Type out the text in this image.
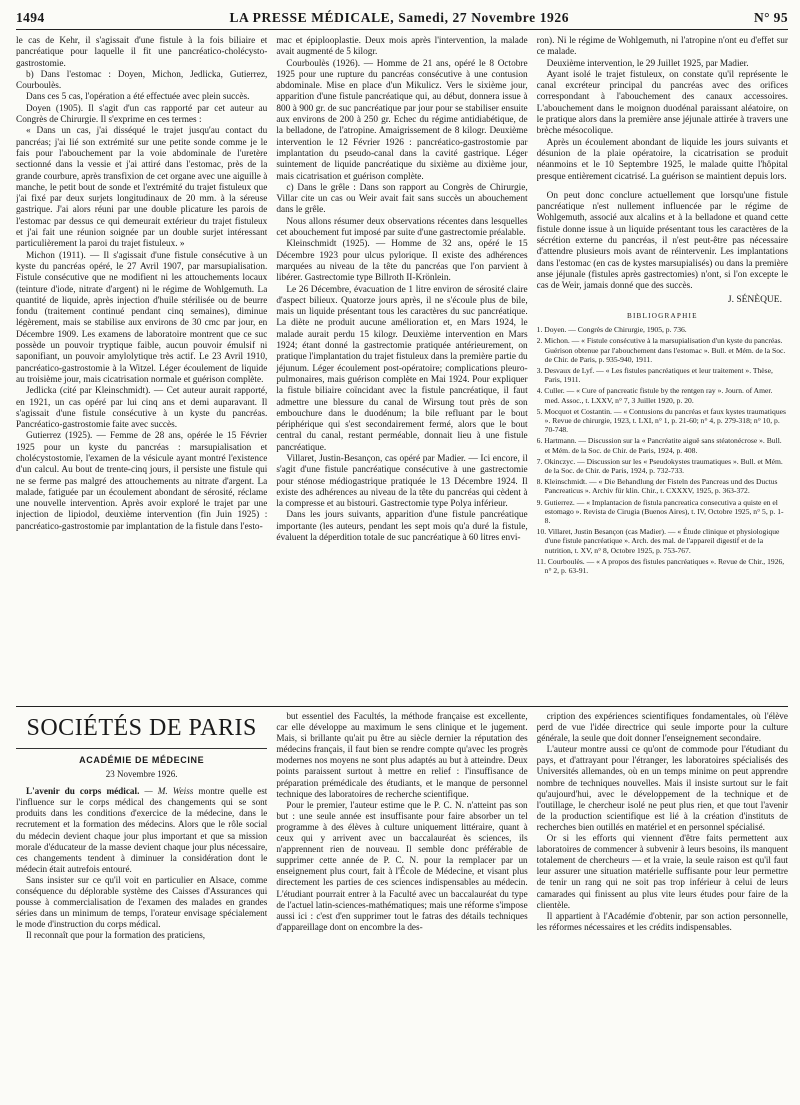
1494	LA PRESSE MÉDICALE, Samedi, 27 Novembre 1926	N° 95

le cas de Kehr, il s'agissait d'une fistule à la fois biliaire et pancréatique pour laquelle il fit une pancréatico-cholécysto-gastrostomie.

b) Dans l'estomac : Doyen, Michon, Jedlicka, Gutierrez, Courboulès.

Dans ces 5 cas, l'opération a été effectuée avec plein succès.

Doyen (1905). Il s'agit d'un cas rapporté par cet auteur au Congrès de Chirurgie. Il s'exprime en ces termes :

« Dans un cas, j'ai disséqué le trajet jusqu'au contact du pancréas; j'ai lié son extrémité sur une petite sonde comme je le fais pour l'abouchement par la voie abdominale de l'uretère sectionné dans la vessie et j'ai attiré dans l'estomac, près de la grande courbure, après transfixion de cet organe avec une aiguille à manche, le petit bout de sonde et l'extrémité du trajet fistuleux que j'ai fixé par deux surjets longitudinaux de 20 mm. à la séreuse gastrique. J'ai alors réuni par une double plicature les parois de l'estomac par dessus ce qui demeurait extérieur du trajet fistuleux et j'ai fait une réunion soignée par un double surjet intéressant particulièrement la paroi du trajet fistuleux. »

Michon (1911). — Il s'agissait d'une fistule consécutive à un kyste du pancréas opéré, le 27 Avril 1907, par marsupialisation. Fistule consécutive que ne modifient ni les attouchements locaux (teinture d'iode, nitrate d'argent) ni le régime de Wohlgemuth. La quantité de liquide, après injection d'huile stérilisée ou de beurre fondu (traitement continué pendant cinq semaines), diminue légèrement, mais se stabilise aux environs de 30 cmc par jour, en Décembre 1909. Les examens de laboratoire montrent que ce suc possède un pouvoir tryptique faible, aucun pouvoir émulsif ni saponifiant, un pouvoir amylolytique très actif. Le 23 Avril 1910, pancréatico-gastrostomie à la Witzel. Léger écoulement de liquide au troisième jour, mais cicatrisation normale et guérison complète.

Jedlicka (cité par Kleinschmidt). — Cet auteur aurait rapporté, en 1921, un cas opéré par lui cinq ans et demi auparavant. Il s'agissait d'une fistule consécutive à un kyste du pancréas. Pancréatico-gastrostomie faite avec succès.

Gutierrez (1925). — Femme de 28 ans, opérée le 15 Février 1925 pour un kyste du pancréas : marsupialisation et cholécystostomie, l'examen de la vésicule ayant montré l'existence d'un calcul. Au bout de trente-cinq jours, il persiste une fistule qui ne se ferme pas malgré des attouchements au nitrate d'argent. La malade, fatiguée par un écoulement abondant de sérosité, réclame une nouvelle intervention. Après avoir exploré le trajet par une injection de lipiodol, deuxième intervention (fin Juin 1925) : pancréatico-gastrostomie par implantation de la fistule dans l'esto-

mac et épiplooplastie. Deux mois après l'intervention, la malade avait augmenté de 5 kilogr.

Courboulès (1926). — Homme de 21 ans, opéré le 8 Octobre 1925 pour une rupture du pancréas consécutive à une contusion abdominale. Mise en place d'un Mikulicz. Vers le sixième jour, apparition d'une fistule pancréatique qui, au début, donnera issue à 800 à 900 gr. de suc pancréatique par jour pour se stabiliser ensuite aux environs de 200 à 250 gr. Echec du régime antidiabétique, de la belladone, de l'atropine. Amaigrissement de 8 kilogr. Deuxième intervention le 12 Février 1926 : pancréatico-gastrostomie par implantation du pseudo-canal dans la cavité gastrique. Léger suintement de liquide pancréatique du sixième au dixième jour, mais cicatrisation et guérison complète.

c) Dans le grêle : Dans son rapport au Congrès de Chirurgie, Villar cite un cas ou Weir avait fait sans succès un abouchement dans le grêle.

Nous allons résumer deux observations récentes dans lesquelles cet abouchement fut imposé par suite d'une gastrectomie préalable.

Kleinschmidt (1925). — Homme de 32 ans, opéré le 15 Décembre 1923 pour ulcus pylorique. Il existe des adhérences marquées au niveau de la tête du pancréas que l'on parvient à libérer. Gastrectomie type Billroth II-Krönlein.

Le 26 Décembre, évacuation de 1 litre environ de sérosité claire d'aspect bilieux. Quatorze jours après, il ne s'écoule plus de bile, mais un liquide présentant tous les caractères du suc pancréatique. La diète ne produit aucune amélioration et, en Mars 1924, le malade aurait perdu 15 kilogr. Deuxième intervention en Mars 1924; étant donné la gastrectomie pratiquée antérieurement, on pratique l'implantation du trajet fistuleux dans la première partie du jéjunum. Léger écoulement post-opératoire; complications pleuro-pulmonaires, mais guérison complète en Mai 1924. Pour expliquer la fistule biliaire coïncidant avec la fistule pancréatique, il faut admettre une blessure du canal de Wirsung tout près de son embouchure dans le duodénum; la bile refluant par le bout périphérique qui s'est secondairement fermé, alors que le bout central du canal, restant perméable, donnait lieu à une fistule pancréatique.

Villaret, Justin-Besançon, cas opéré par Madier. — Ici encore, il s'agit d'une fistule pancréatique consécutive à une gastrectomie pour sténose médiogastrique pratiquée le 13 Décembre 1924. Il existe des adhérences au niveau de la tête du pancréas qui cèdent à la compresse et au bistouri. Gastrectomie type Polya inférieur.

Dans les jours suivants, apparition d'une fistule pancréatique importante (les auteurs, pendant les sept mois qu'a duré la fistule, évaluent la déperdition totale de suc pancréatique à 60 litres envi-

ron). Ni le régime de Wohlgemuth, ni l'atropine n'ont eu d'effet sur ce malade.

Deuxième intervention, le 29 Juillet 1925, par Madier.

Ayant isolé le trajet fistuleux, on constate qu'il représente le canal excréteur principal du pancréas avec des orifices correspondant à l'abouchement des canaux accessoires. L'abouchement dans le moignon duodénal paraissant aléatoire, on le pratique alors dans la première anse jéjunale attirée à travers une brèche mésocolique.

Après un écoulement abondant de liquide les jours suivants et désunion de la plaie opératoire, la cicatrisation se produit néanmoins et le 10 Septembre 1925, le malade quitte l'hôpital presque entièrement cicatrisé. La guérison se maintient depuis lors.

On peut donc conclure actuellement que lorsqu'une fistule pancréatique n'est nullement influencée par le régime de Wohlgemuth, associé aux alcalins et à la belladone et quand cette fistule donne issue à un liquide présentant tous les caractères de la sécrétion externe du pancréas, il n'est peut-être pas nécessaire d'attendre plusieurs mois avant de réintervenir. Les implantations dans l'estomac (en cas de kystes marsupialisés) ou dans la première anse jéjunale (fistules après gastrectomies) n'ont, si l'on excepte le cas de Weir, jamais donné que des succès.

J. SÉNÈQUE.
BIBLIOGRAPHIE
1. Doyen. — Congrès de Chirurgie, 1905, p. 736.
2. Michon. — « Fistule consécutive à la marsupialisation d'un kyste du pancréas. Guérison obtenue par l'abouchement dans l'estomac ». Bull. et Mém. de la Soc. de Chir. de Paris, p. 935-940, 1911.
3. Desvaux de Lyf. — « Les fistules pancréatiques et leur traitement ». Thèse, Paris, 1911.
4. Culler. — « Cure of pancreatic fistule by the rentgen ray ». Journ. of Amer. med. Assoc., t. LXXV, n° 7, 3 Juillet 1920, p. 20.
5. Mocquot et Costantin. — « Contusions du pancréas et faux kystes traumatiques ». Revue de chirurgie, 1923, t. LXI, n° 1, p. 21-60; n° 4, p. 279-318; n° 10, p. 70-748.
6. Hartmann. — Discussion sur la « Pancréatite aiguë sans stéatonécrose ». Bull. et Mém. de la Soc. de Chir. de Paris, 1924, p. 408.
7. Okinczyc. — Discussion sur les « Pseudokystes traumatiques ». Bull. et Mém. de la Soc. de Chir. de Paris, 1924, p. 732-733.
8. Kleinschmidt. — « Die Behandlung der Fisteln des Pancreas und des Ductus Pancreaticus ». Archiv für klin. Chir., t. CXXXV, 1925, p. 363-372.
9. Gutierrez. — « Implantacion de fistula pancreatica consecutiva a quiste en el estomago ». Revista de Cirugia (Buenos Aires), t. IV, Octobre 1925, n° 5, p. 1-8.
10. Villaret, Justin Besançon (cas Madier). — « Étude clinique et physiologique d'une fistule pancréatique ». Arch. des mal. de l'appareil digestif et de la nutrition, t. XV, n° 8, Octobre 1925, p. 753-767.
11. Courboulès. — « A propos des fistules pancréatiques ». Revue de Chir., 1926, n° 2, p. 63-91.
SOCIÉTÉS DE PARIS
ACADÉMIE DE MÉDECINE
23 Novembre 1926.

L'avenir du corps médical. — M. Weiss montre quelle est l'influence sur le corps médical des changements qui se sont produits dans les conditions d'exercice de la médecine, dans le recrutement et la formation des médecins. Alors que le rôle social du médecin devient chaque jour plus important et que sa mission morale d'éducateur de la masse devient chaque jour plus nécessaire, ces changements tendent à diminuer la considération dont le médecin était autrefois entouré.

Sans insister sur ce qu'il voit en particulier en Alsace, comme conséquence du déplorable système des Caisses d'Assurances qui pousse à commercialisation de l'examen des malades en grandes séries dans un minimum de temps, l'orateur envisage spécialement le mode d'instruction du corps médical.

Il reconnaît que pour la formation des praticiens,

but essentiel des Facultés, la méthode française est excellente, car elle développe au maximum le sens clinique et le jugement. Mais, si brillante qu'ait pu être au siècle dernier la réputation des médecins français, il faut bien se rendre compte qu'avec les progrès modernes nos moyens ne sont plus adaptés au but à atteindre. Deux points paraissent surtout à mettre en relief : l'insuffisance de préparation prémédicale des étudiants, et le manque de personnel technique des laboratoires de recherche scientifique.

Pour le premier, l'auteur estime que le P. C. N. n'atteint pas son but : une seule année est insuffisante pour faire absorber un tel programme à des élèves à culture uniquement littéraire, quant à ceux qui y arrivent avec un baccalauréat ès sciences, ils n'apprennent rien de nouveau. Il semble donc préférable de supprimer cette année de P. C. N. pour la remplacer par un enseignement plus court, fait à l'École de Médecine, et visant plus directement les parties de ces sciences indispensables au médecin. L'étudiant pourrait entrer à la Faculté avec un baccalauréat du type de l'actuel latin-sciences-mathématiques; mais une réforme s'impose aussi ici : c'est d'en supprimer tout le fatras des détails techniques d'appareillage dont on encombre la des-

cription des expériences scientifiques fondamentales, où l'élève perd de vue l'idée directrice qui seule importe pour la culture générale, la seule que doit donner l'enseignement secondaire.

L'auteur montre aussi ce qu'ont de commode pour l'étudiant du pays, et d'attrayant pour l'étranger, les laboratoires spécialisés des Universités allemandes, où en un temps minime on peut apprendre nombre de techniques nouvelles. Mais il insiste surtout sur le fait qu'aujourd'hui, avec le développement de la technique et de l'outillage, le chercheur isolé ne peut plus rien, et que tout l'avenir de la production scientifique est lié à la création d'instituts de recherches bien outillés en matériel et en personnel spécialisé.

Or si les efforts qui viennent d'être faits permettent aux laboratoires de commencer à subvenir à leurs besoins, ils manquent totalement de chercheurs — et la vraie, la seule raison est qu'il faut leur assurer une situation matérielle suffisante pour leur permettre de tenir un rang qui ne soit pas trop inférieur à celui de leurs camarades qui finissent au plus vite leurs études pour faire de la clientèle.

Il appartient à l'Académie d'obtenir, par son action personnelle, les réformes nécessaires et les crédits indispensables.
